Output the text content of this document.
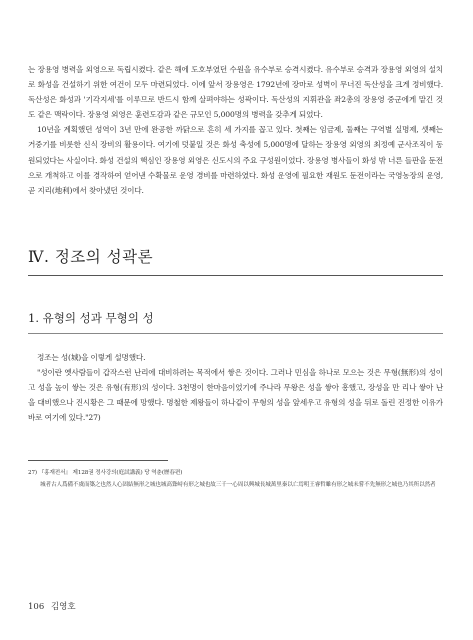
는 장용영 병력을 외영으로 독립시켰다. 같은 해에 도호부였던 수원을 유수부로 승격시켰다. 유수부로 승격과 장용영 외영의 설치로 화성을 건설하기 위한 여건이 모두 마련되었다. 이에 앞서 장용영은 1792년에 장마로 성벽이 무너진 독산성을 크게 정비했다. 독산성은 화성과 '기각지세'를 이루므로 반드시 함께 살펴야하는 성곽이다. 독산성의 지휘관을 좌2총의 장용영 중군에게 맡긴 것도 같은 맥락이다. 장용영 외영은 훈련도감과 같은 규모인 5,000명의 병력을 갖추게 되었다.

10년을 계획했던 성역이 3년 만에 완공한 까닭으로 흔히 세 가지를 꼽고 있다. 첫째는 임금제, 둘째는 구역별 실명제, 셋째는 거중기를 비롯한 신식 장비의 활용이다. 여기에 덧붙일 것은 화성 축성에 5,000명에 달하는 장용영 외영의 최정예 군사조직이 동원되었다는 사실이다. 화성 건설의 핵심인 장용영 외영은 신도시의 주요 구성원이었다. 장용영 병사들이 화성 밖 너른 들판을 둔전으로 개척하고 이를 경작하여 얻어낸 수확물로 운영 경비를 마련하였다. 화성 운영에 필요한 재원도 둔전이라는 국영농장의 운영, 곧 지리(地利)에서 찾아냈던 것이다.

Ⅳ. 정조의 성곽론
1. 유형의 성과 무형의 성

정조는 성(城)을 이렇게 설명했다.

"성이란 옛사람들이 갑작스런 난리에 대비하려는 목적에서 쌓은 것이다. 그러나 민심을 하나로 모으는 것은 무형(無形)의 성이고 성을 높이 쌓는 것은 유형(有形)의 성이다. 3천명이 한마음이었기에 주나라 무왕은 성을 쌓아 흥했고, 장성을 만 리나 쌓아 난을 대비했으나 진시황은 그 때문에 망했다. 명철한 제왕들이 하나같이 무형의 성을 앞세우고 유형의 성을 뒤로 돌린 진정한 이유가 바로 여기에 있다."27)

27) 『홍재전서』 제128권 정사강의(庭試講義) 당 역춘(歷春편)
城者古人爲備不虞而築之也然人心固結無形之城也城高聳峙有形之城也故三千一心周以興城長城萬里秦以亡焉明王睿哲雖有形之城未嘗不先無形之城也乃其所以然者
106 김영호
